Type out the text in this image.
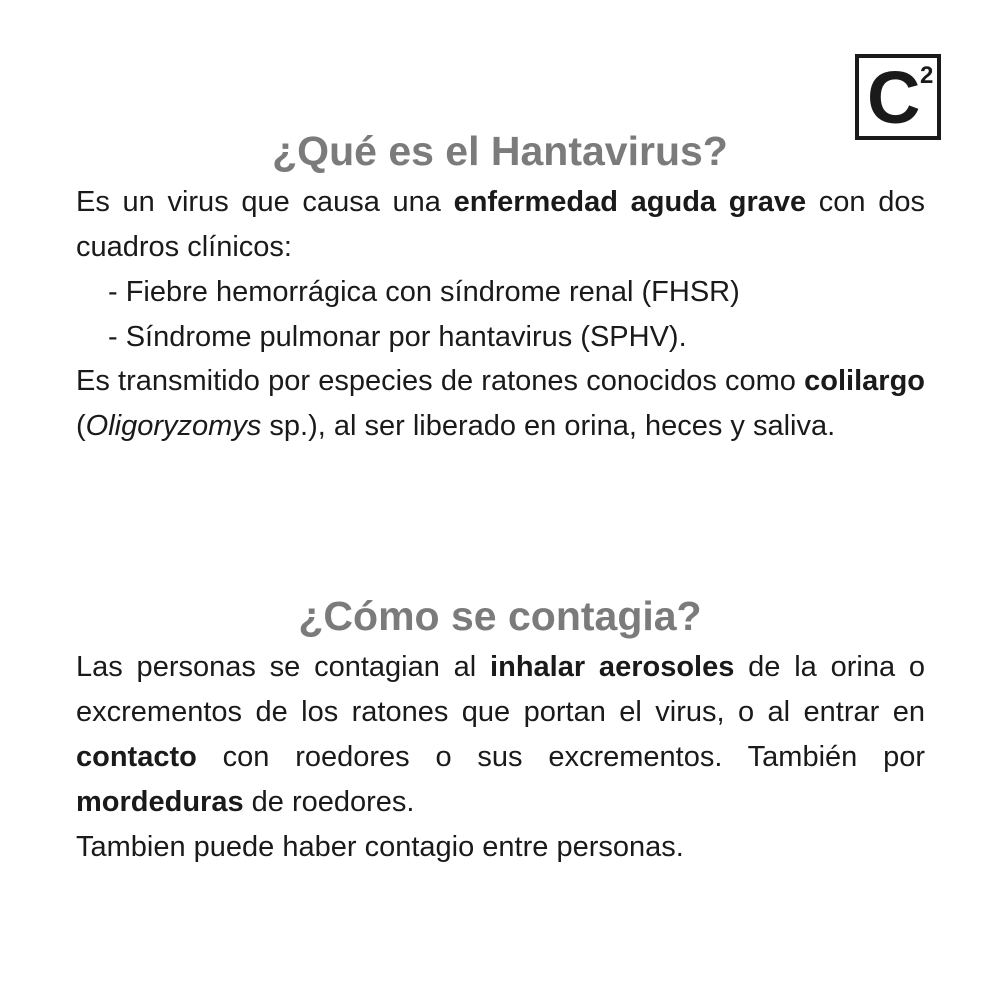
C 2
¿Qué es el Hantavirus?

Es un virus que causa una enfermedad aguda grave con dos cuadros clínicos:

- Fiebre hemorrágica con síndrome renal (FHSR)
- Síndrome pulmonar por hantavirus (SPHV).

Es transmitido por especies de ratones conocidos como colilargo (Oligoryzomys sp.), al ser liberado en orina, heces y saliva.

¿Cómo se contagia?

Las personas se contagian al inhalar aerosoles de la orina o excrementos de los ratones que portan el virus, o al entrar en contacto con roedores o sus excrementos. También por mordeduras de roedores.

Tambien puede haber contagio entre personas.
